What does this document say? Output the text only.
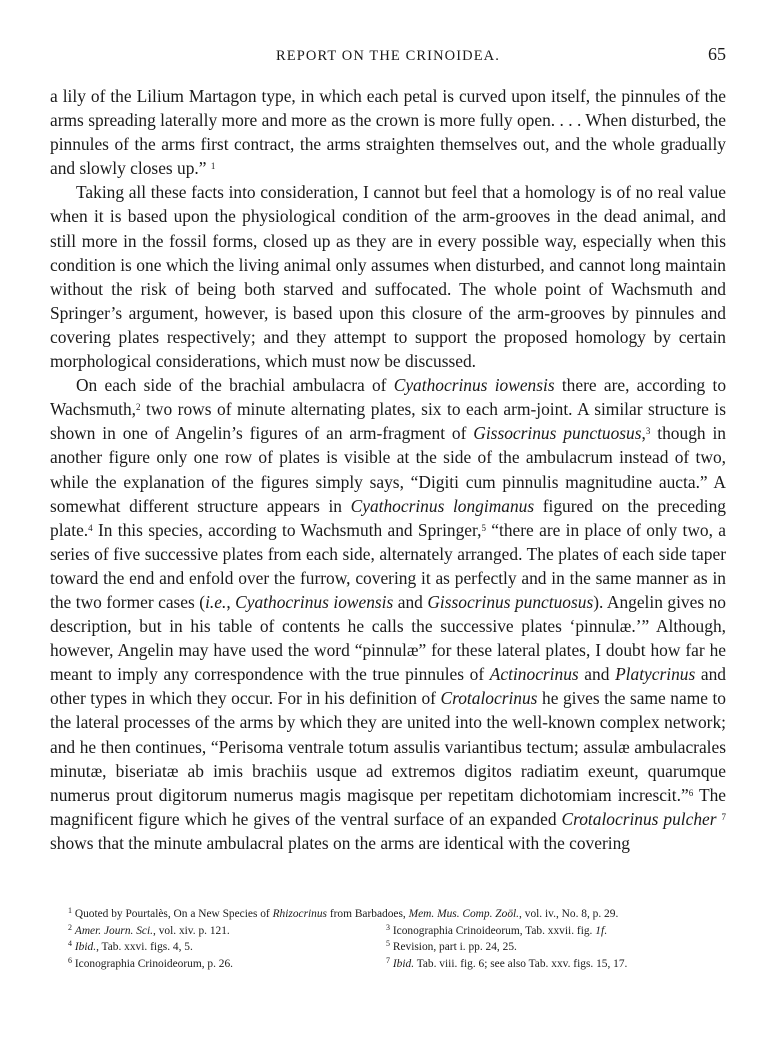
REPORT ON THE CRINOIDEA.	65

a lily of the Lilium Martagon type, in which each petal is curved upon itself, the pinnules of the arms spreading laterally more and more as the crown is more fully open. . . . When disturbed, the pinnules of the arms first contract, the arms straighten themselves out, and the whole gradually and slowly closes up.” $^1$

Taking all these facts into consideration, I cannot but feel that a homology is of no real value when it is based upon the physiological condition of the arm-grooves in the dead animal, and still more in the fossil forms, closed up as they are in every possible way, especially when this condition is one which the living animal only assumes when disturbed, and cannot long maintain without the risk of being both starved and suffocated. The whole point of Wachsmuth and Springer’s argument, however, is based upon this closure of the arm-grooves by pinnules and covering plates respectively; and they attempt to support the proposed homology by certain morphological considerations, which must now be discussed.

On each side of the brachial ambulacra of Cyathocrinus iowensis there are, according to Wachsmuth,$^2$ two rows of minute alternating plates, six to each arm-joint. A similar structure is shown in one of Angelin’s figures of an arm-fragment of Gissocrinus punctuosus,$^3$ though in another figure only one row of plates is visible at the side of the ambulacrum instead of two, while the explanation of the figures simply says, “Digiti cum pinnulis magnitudine aucta.” A somewhat different structure appears in Cyathocrinus longimanus figured on the preceding plate.$^4$ In this species, according to Wachsmuth and Springer,$^5$ “there are in place of only two, a series of five successive plates from each side, alternately arranged. The plates of each side taper toward the end and enfold over the furrow, covering it as perfectly and in the same manner as in the two former cases (i.e., Cyathocrinus iowensis and Gissocrinus punctuosus). Angelin gives no description, but in his table of contents he calls the successive plates ‘pinnulæ.’” Although, however, Angelin may have used the word “pinnulæ” for these lateral plates, I doubt how far he meant to imply any correspondence with the true pinnules of Actinocrinus and Platycrinus and other types in which they occur. For in his definition of Crotalocrinus he gives the same name to the lateral processes of the arms by which they are united into the well-known complex network; and he then continues, “Perisoma ventrale totum assulis variantibus tectum; assulæ ambulacrales minutæ, biseriatæ ab imis brachiis usque ad extremos digitos radiatim exeunt, quarumque numerus prout digitorum numerus magis magisque per repetitam dichotomiam increscit.”$^6$ The magnificent figure which he gives of the ventral surface of an expanded Crotalocrinus pulcher $^7$ shows that the minute ambulacral plates on the arms are identical with the covering

$^1$ Quoted by Pourtalès, On a New Species of Rhizocrinus from Barbadoes, Mem. Mus. Comp. Zoöl., vol. iv., No. 8, p. 29.

$^2$ Amer. Journ. Sci., vol. xiv. p. 121.	$^3$ Iconographia Crinoideorum, Tab. xxvii. fig. 1f.
$^4$ Ibid., Tab. xxvi. figs. 4, 5.	$^5$ Revision, part i. pp. 24, 25.
$^6$ Iconographia Crinoideorum, p. 26.	$^7$ Ibid. Tab. viii. fig. 6; see also Tab. xxv. figs. 15, 17.
